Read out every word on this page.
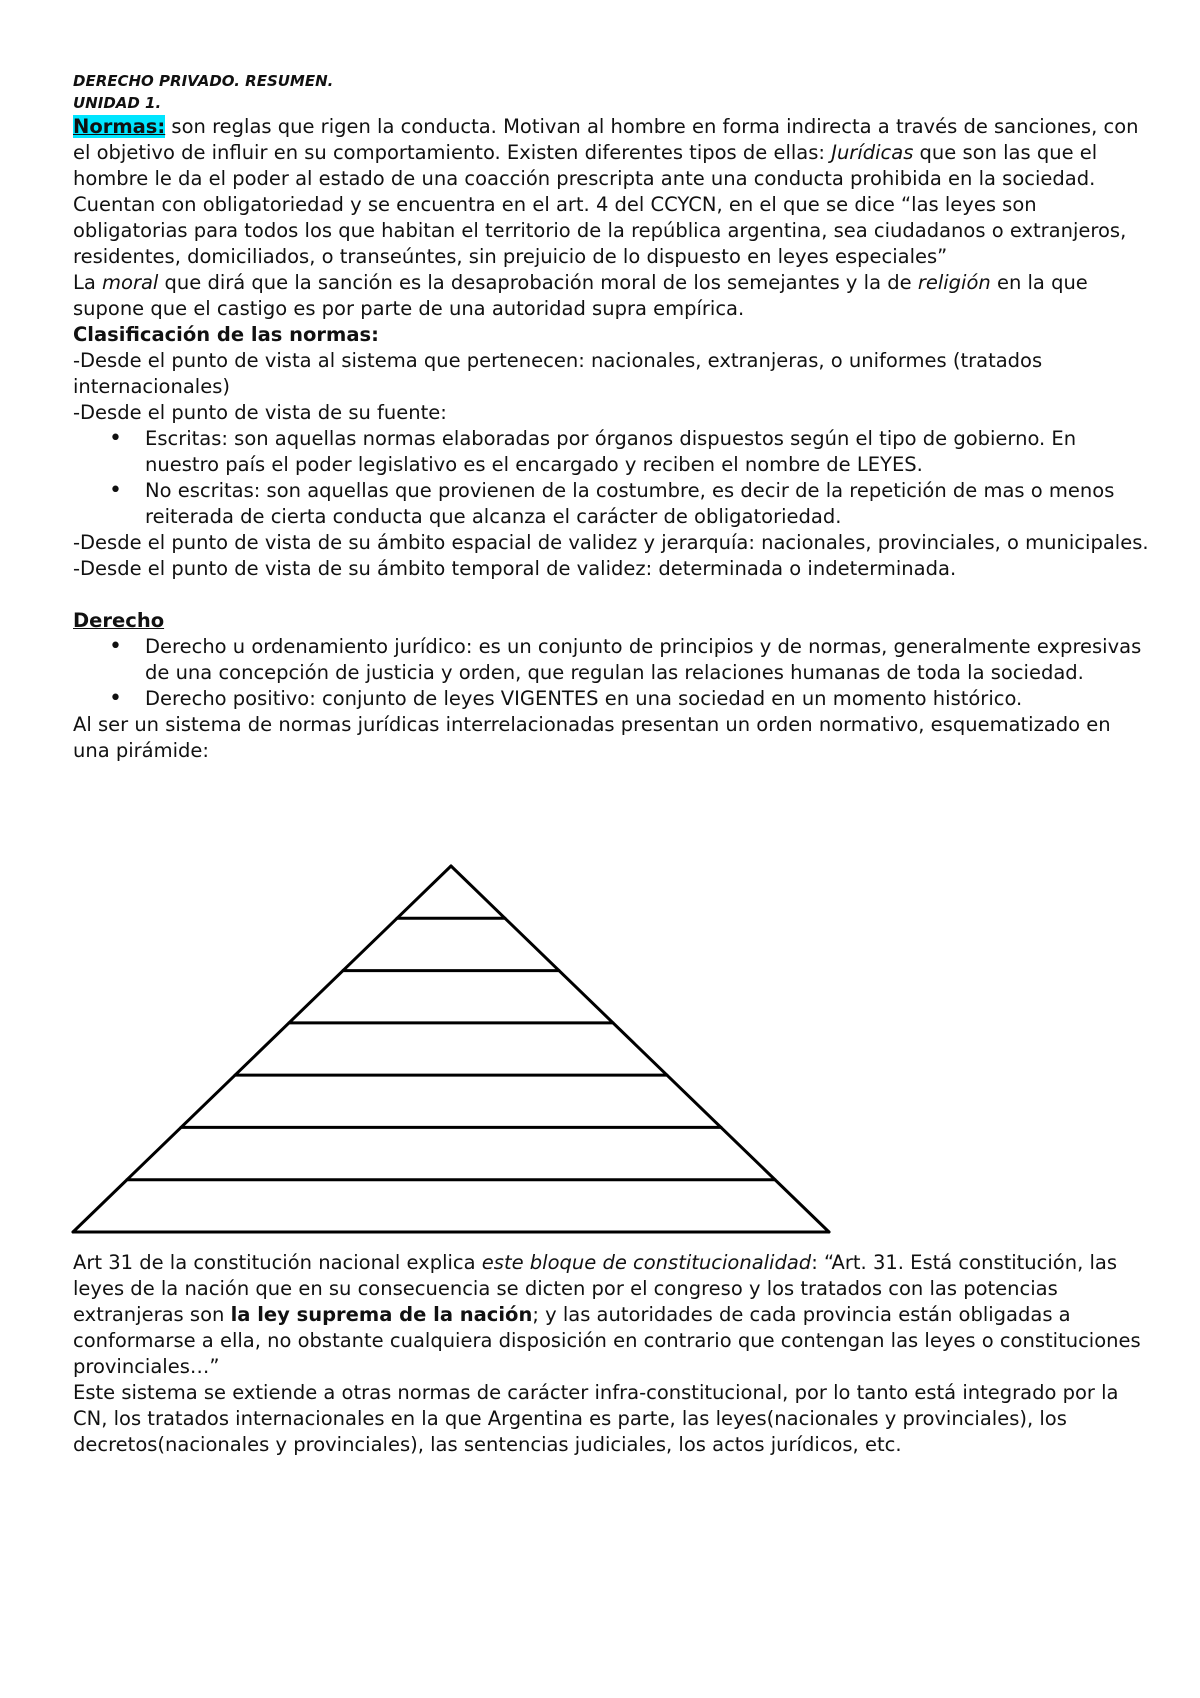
DERECHO PRIVADO. RESUMEN.

UNIDAD 1.

Normas: son reglas que rigen la conducta. Motivan al hombre en forma indirecta a través de sanciones, con el objetivo de influir en su comportamiento. Existen diferentes tipos de ellas: Jurídicas que son las que el hombre le da el poder al estado de una coacción prescripta ante una conducta prohibida en la sociedad. Cuentan con obligatoriedad y se encuentra en el art. 4 del CCYCN, en el que se dice “las leyes son obligatorias para todos los que habitan el territorio de la república argentina, sea ciudadanos o extranjeros, residentes, domiciliados, o transeúntes, sin prejuicio de lo dispuesto en leyes especiales”

La moral que dirá que la sanción es la desaprobación moral de los semejantes y la de religión en la que supone que el castigo es por parte de una autoridad supra empírica.

Clasificación de las normas:

-Desde el punto de vista al sistema que pertenecen: nacionales, extranjeras, o uniformes (tratados internacionales)

-Desde el punto de vista de su fuente:

• Escritas: son aquellas normas elaboradas por órganos dispuestos según el tipo de gobierno. En nuestro país el poder legislativo es el encargado y reciben el nombre de LEYES.
• No escritas: son aquellas que provienen de la costumbre, es decir de la repetición de mas o menos reiterada de cierta conducta que alcanza el carácter de obligatoriedad.

-Desde el punto de vista de su ámbito espacial de validez y jerarquía: nacionales, provinciales, o municipales.

-Desde el punto de vista de su ámbito temporal de validez: determinada o indeterminada.

Derecho

• Derecho u ordenamiento jurídico: es un conjunto de principios y de normas, generalmente expresivas de una concepción de justicia y orden, que regulan las relaciones humanas de toda la sociedad.
• Derecho positivo: conjunto de leyes VIGENTES en una sociedad en un momento histórico.

Al ser un sistema de normas jurídicas interrelacionadas presentan un orden normativo, esquematizado en una pirámide:

Art 31 de la constitución nacional explica este bloque de constitucionalidad: “Art. 31. Está constitución, las leyes de la nación que en su consecuencia se dicten por el congreso y los tratados con las potencias extranjeras son la ley suprema de la nación; y las autoridades de cada provincia están obligadas a conformarse a ella, no obstante cualquiera disposición en contrario que contengan las leyes o constituciones provinciales…”

Este sistema se extiende a otras normas de carácter infra-constitucional, por lo tanto está integrado por la CN, los tratados internacionales en la que Argentina es parte, las leyes(nacionales y provinciales), los decretos(nacionales y provinciales), las sentencias judiciales, los actos jurídicos, etc.
